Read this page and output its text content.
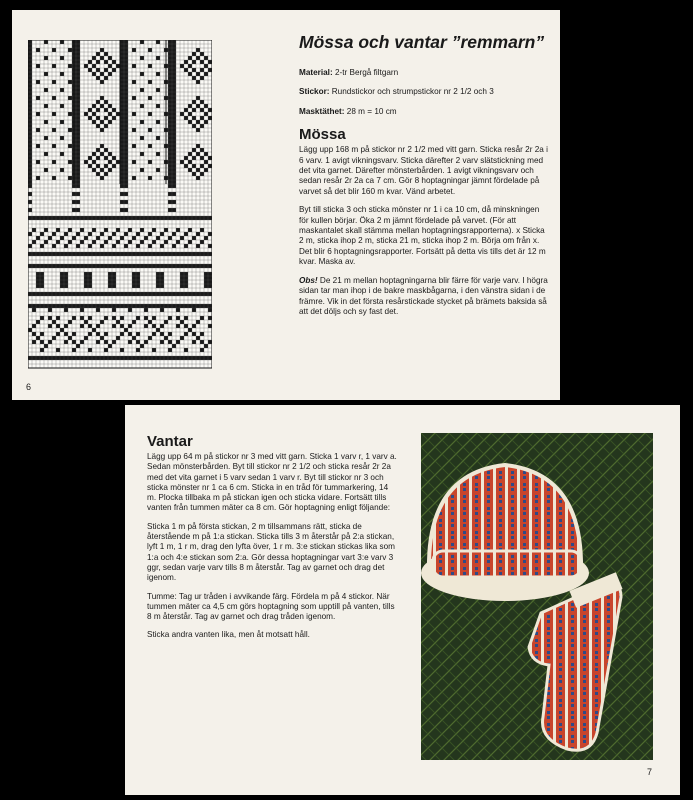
6
Mössa och vantar ”remmarn”

Material: 2-tr Bergå filtgarn

Stickor: Rundstickor och strumpstickor nr 2 1/2 och 3

Masktäthet: 28 m = 10 cm

Mössa

Lägg upp 168 m på stickor nr 2 1/2 med vitt garn. Sticka resår 2r 2a i 6 varv. 1 avigt vikningsvarv. Sticka därefter 2 varv slätstickning med det vita garnet. Därefter mönsterbården. 1 avigt vikningsvarv och sedan resår 2r 2a ca 7 cm. Gör 8 hoptagningar jämnt fördelade på varvet så det blir 160 m kvar. Vänd arbetet.

Byt till sticka 3 och sticka mönster nr 1 i ca 10 cm, då minskningen för kullen börjar. Öka 2 m jämnt fördelade på varvet. (För att maskantalet skall stämma mellan hoptagningsrapporterna). x Sticka 2 m, sticka ihop 2 m, sticka 21 m, sticka ihop 2 m. Börja om från x. Det blir 6 hoptagningsrapporter. Fortsätt på detta vis tills det är 12 m kvar. Maska av.

Obs! De 21 m mellan hoptagningarna blir färre för varje varv. I högra sidan tar man ihop i de bakre maskbågarna, i den vänstra sidan i de främre. Vik in det första resårstickade stycket på brämets baksida så att det döljs och sy fast det.

Vantar

Lägg upp 64 m på stickor nr 3 med vitt garn. Sticka 1 varv r, 1 varv a. Sedan mönsterbården. Byt till stickor nr 2 1/2 och sticka resår 2r 2a med det vita garnet i 5 varv sedan 1 varv r. Byt till stickor nr 3 och sticka mönster nr 1 ca 6 cm. Sticka in en tråd för tummarkering, 14 m. Plocka tillbaka m på stickan igen och sticka vidare. Fortsätt tills vanten från tummen mäter ca 8 cm. Gör hoptagning enligt följande:

Sticka 1 m på första stickan, 2 m tillsammans rätt, sticka de återstående m på 1:a stickan. Sticka tills 3 m återstår på 2:a stickan, lyft 1 m, 1 r m, drag den lyfta över, 1 r m. 3:e stickan stickas lika som 1:a och 4:e stickan som 2:a. Gör dessa hoptagningar vart 3:e varv 3 ggr, sedan varje varv tills 8 m återstår. Tag av garnet och drag det igenom.

Tumme: Tag ur tråden i avvikande färg. Fördela m på 4 stickor. När tummen mäter ca 4,5 cm görs hoptagning som upptill på vanten, tills 8 m återstår. Tag av garnet och drag tråden igenom.

Sticka andra vanten lika, men åt motsatt håll.

7
